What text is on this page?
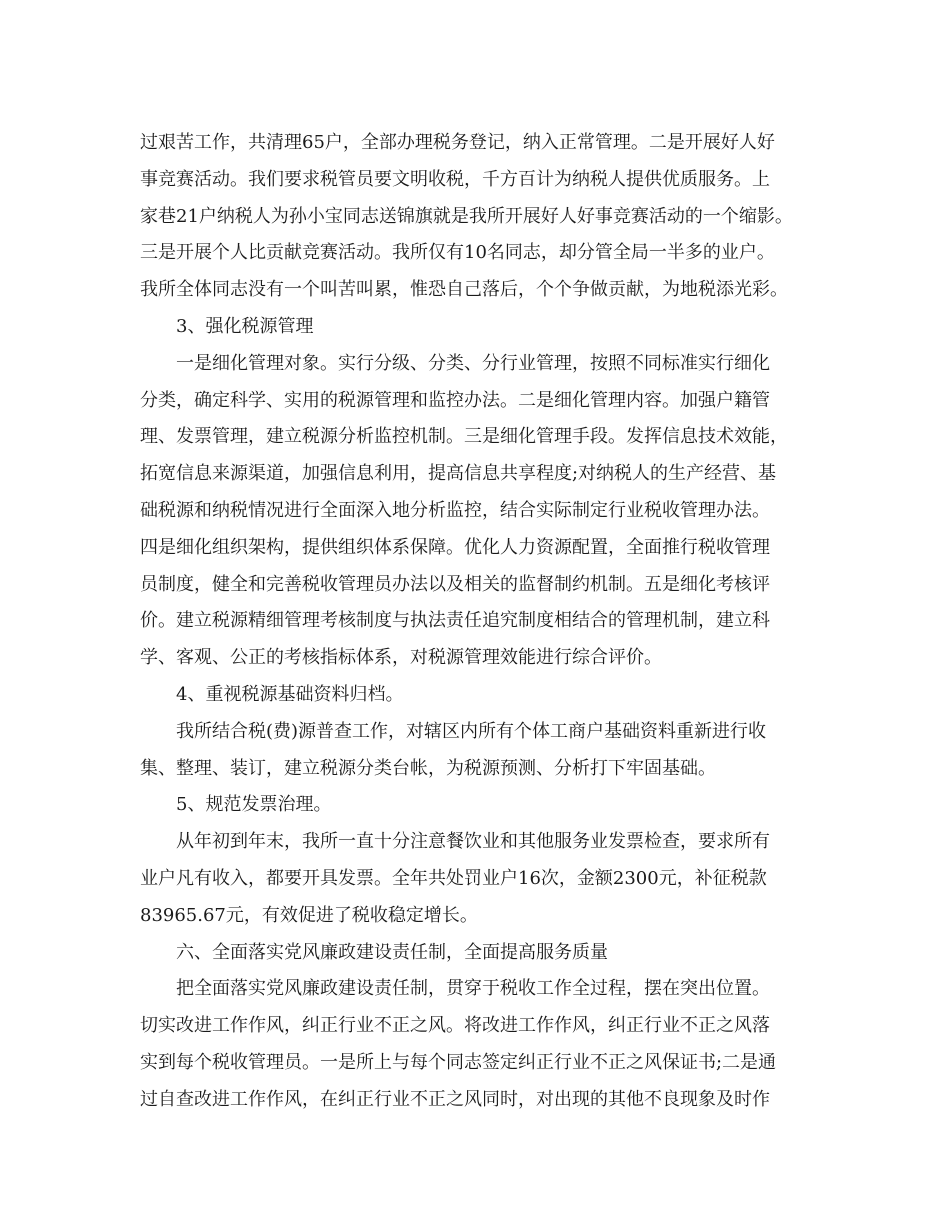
过艰苦工作，共清理65户，全部办理税务登记，纳入正常管理。二是开展好人好
事竞赛活动。我们要求税管员要文明收税，千方百计为纳税人提供优质服务。上
家巷21户纳税人为孙小宝同志送锦旗就是我所开展好人好事竞赛活动的一个缩影。
三是开展个人比贡献竞赛活动。我所仅有10名同志，却分管全局一半多的业户。
我所全体同志没有一个叫苦叫累，惟恐自己落后，个个争做贡献，为地税添光彩。
3、强化税源管理
一是细化管理对象。实行分级、分类、分行业管理，按照不同标准实行细化
分类，确定科学、实用的税源管理和监控办法。二是细化管理内容。加强户籍管
理、发票管理，建立税源分析监控机制。三是细化管理手段。发挥信息技术效能，
拓宽信息来源渠道，加强信息利用，提高信息共享程度;对纳税人的生产经营、基
础税源和纳税情况进行全面深入地分析监控，结合实际制定行业税收管理办法。
四是细化组织架构，提供组织体系保障。优化人力资源配置，全面推行税收管理
员制度，健全和完善税收管理员办法以及相关的监督制约机制。五是细化考核评
价。建立税源精细管理考核制度与执法责任追究制度相结合的管理机制，建立科
学、客观、公正的考核指标体系，对税源管理效能进行综合评价。
4、重视税源基础资料归档。
我所结合税(费)源普查工作，对辖区内所有个体工商户基础资料重新进行收
集、整理、装订，建立税源分类台帐，为税源预测、分析打下牢固基础。
5、规范发票治理。
从年初到年末，我所一直十分注意餐饮业和其他服务业发票检查，要求所有
业户凡有收入，都要开具发票。全年共处罚业户16次，金额2300元，补征税款
83965.67元，有效促进了税收稳定增长。
六、全面落实党风廉政建设责任制，全面提高服务质量
把全面落实党风廉政建设责任制，贯穿于税收工作全过程，摆在突出位置。
切实改进工作作风，纠正行业不正之风。将改进工作作风，纠正行业不正之风落
实到每个税收管理员。一是所上与每个同志签定纠正行业不正之风保证书;二是通
过自查改进工作作风，在纠正行业不正之风同时，对出现的其他不良现象及时作
